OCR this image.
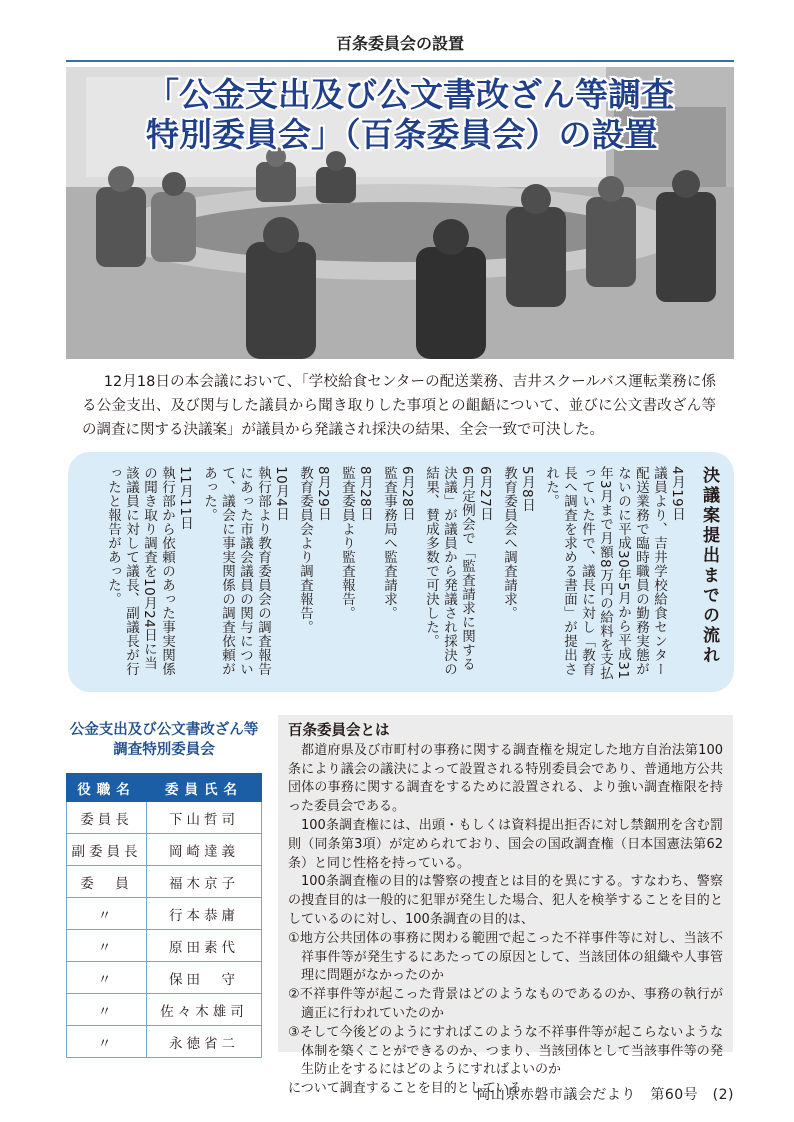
百条委員会の設置
「公金支出及び公文書改ざん等調査
特別委員会」（百条委員会）の設置
12月18日の本会議において、「学校給食センターの配送業務、吉井スクールバス運転業務に係る公金支出、及び関与した議員から聞き取りした事項との齟齬について、並びに公文書改ざん等の調査に関する決議案」が議員から発議され採決の結果、全会一致で可決した。
決議案提出までの流れ
4月19日
議員より、吉井学校給食センター配送業務で臨時職員の勤務実態がないのに平成30年5月から平成31年3月まで月額8万円の給料を支払っていた件で、議長に対し「教育長へ調査を求める書面」が提出された。
5月8日
教育委員会へ調査請求。
6月27日
6月定例会で「監査請求に関する決議」が議員から発議され採決の結果、賛成多数で可決した。
6月28日
監査事務局へ監査請求。
8月28日
監査委員より監査報告。
8月29日
教育委員会より調査報告。
10月4日
執行部より教育委員会の調査報告にあった市議会議員の関与について、議会に事実関係の調査依頼があった。
11月11日
執行部から依頼のあった事実関係の聞き取り調査を10月24日に当該議員に対して議長、副議長が行ったと報告があった。
公金支出及び公文書改ざん等
調査特別委員会
役職名	委員氏名
委員長	下山哲司
副委員長	岡崎達義
委　員	福木京子
〃	行本恭庸
〃	原田素代
〃	保田　守
〃	佐々木雄司
〃	永徳省二
百条委員会とは

都道府県及び市町村の事務に関する調査権を規定した地方自治法第100条により議会の議決によって設置される特別委員会であり、普通地方公共団体の事務に関する調査をするために設置される、より強い調査権限を持った委員会である。

100条調査権には、出頭・もしくは資料提出拒否に対し禁錮刑を含む罰則（同条第3項）が定められており、国会の国政調査権（日本国憲法第62条）と同じ性格を持っている。

100条調査権の目的は警察の捜査とは目的を異にする。すなわち、警察の捜査目的は一般的に犯罪が発生した場合、犯人を検挙することを目的としているのに対し、100条調査の目的は、

①地方公共団体の事務に関わる範囲で起こった不祥事件等に対し、当該不祥事件等が発生するにあたっての原因として、当該団体の組織や人事管理に問題がなかったのか

②不祥事件等が起こった背景はどのようなものであるのか、事務の執行が適正に行われていたのか

③そして今後どのようにすればこのような不祥事件等が起こらないような体制を築くことができるのか、つまり、当該団体として当該事件等の発生防止をするにはどのようにすればよいのか

について調査することを目的としている。

岡山県赤磐市議会だより　第60号　(2)
